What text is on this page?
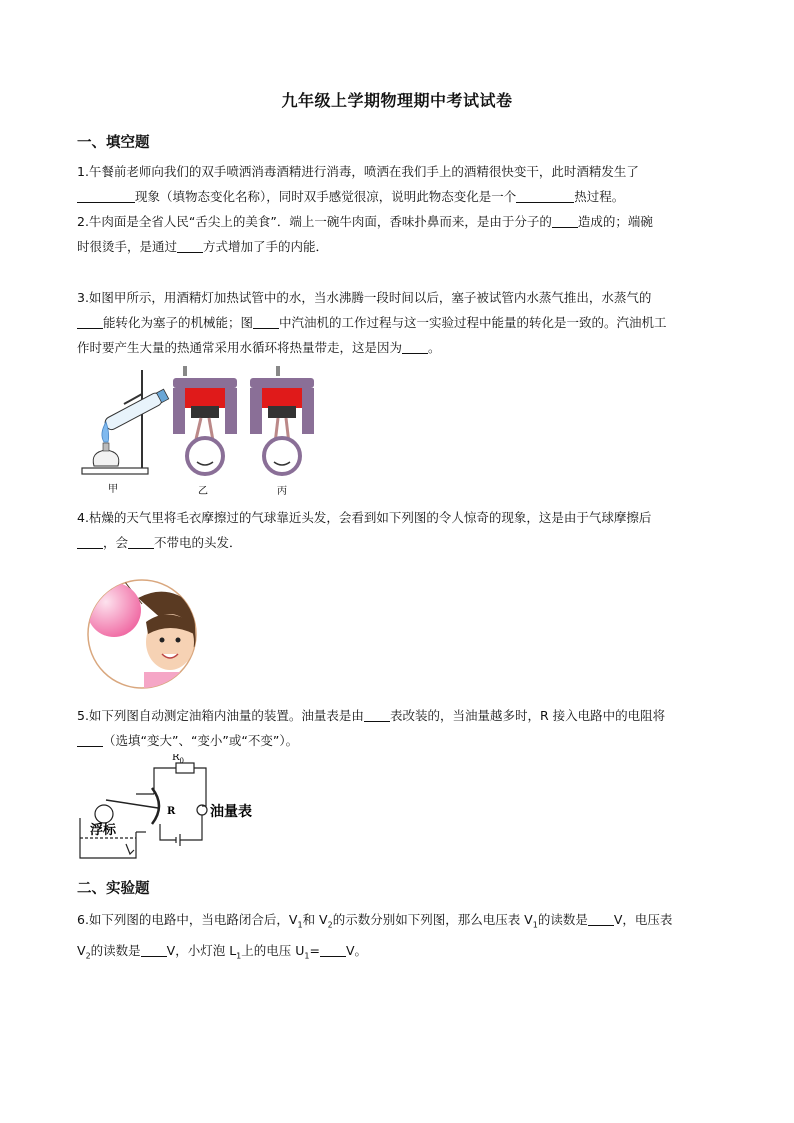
九年级上学期物理期中考试试卷
一、填空题
1.午餐前老师向我们的双手喷洒消毒酒精进行消毒，喷洒在我们手上的酒精很快变干，此时酒精发生了
现象（填物态变化名称），同时双手感觉很凉，说明此物态变化是一个	热过程。
2.牛肉面是全省人民“舌尖上的美食”．端上一碗牛肉面，香味扑鼻而来，是由于分子的 造成的；端碗
时很烫手，是通过 方式增加了手的内能．
3.如图甲所示，用酒精灯加热试管中的水，当水沸腾一段时间以后，塞子被试管内水蒸气推出，水蒸气的
能转化为塞子的机械能；图 中汽油机的工作过程与这一实验过程中能量的转化是一致的。汽油机工
作时要产生大量的热通常采用水循环将热量带走，这是因为 。
甲	乙	丙
4.枯燥的天气里将毛衣摩擦过的气球靠近头发，会看到如下列图的令人惊奇的现象，这是由于气球摩擦后
，会 不带电的头发．
5.如下列图自动测定油箱内油量的装置。油量表是由 表改装的，当油量越多时，R 接入电路中的电阻将
（选填“变大”、“变小”或“不变”）。
$R_0$
R 油量表
浮标
二、实验题
6.如下列图的电路中，当电路闭合后，$V_1$和 $V_2$的示数分别如下列图，那么电压表 $V_1$的读数是 V，电压表
$V_2$的读数是 V，小灯泡 $L_1$上的电压 $U_1= V$。
